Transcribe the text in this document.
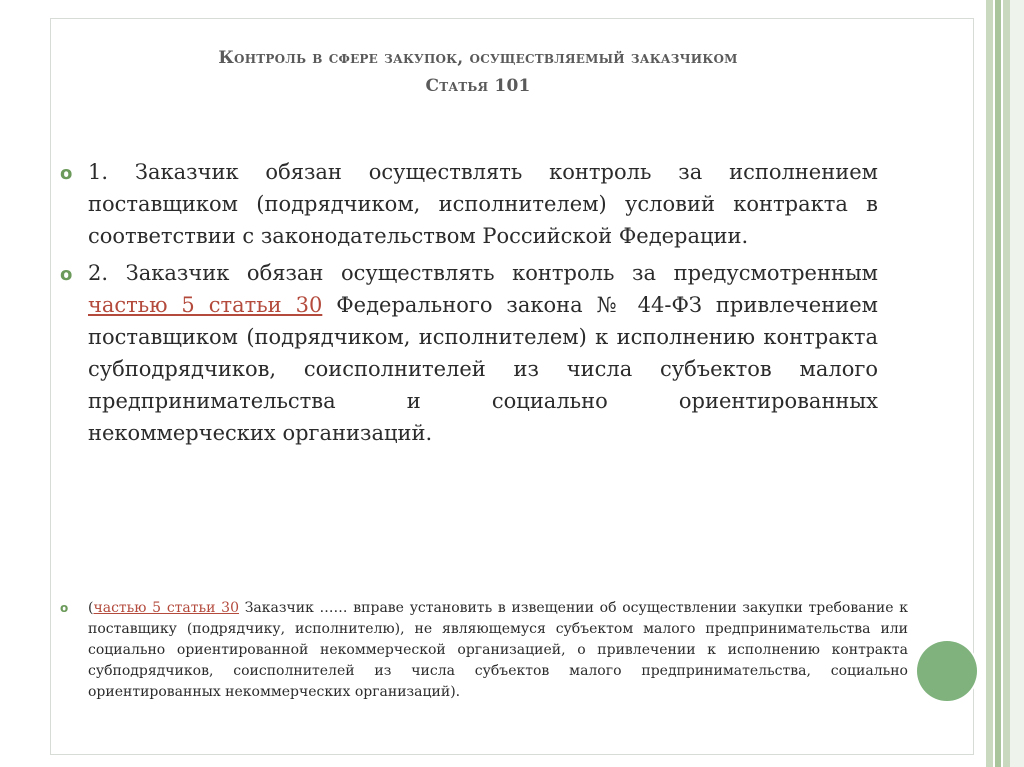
Контроль в сфере закупок, осуществляемый заказчиком
Статья 101
o 1. Заказчик обязан осуществлять контроль за исполнением поставщиком (подрядчиком, исполнителем) условий контракта в соответствии с законодательством Российской Федерации.
o 2. Заказчик обязан осуществлять контроль за предусмотренным частью 5 статьи 30 Федерального закона № 44-ФЗ привлечением поставщиком (подрядчиком, исполнителем) к исполнению контракта субподрядчиков, соисполнителей из числа субъектов малого предпринимательства и социально ориентированных некоммерческих организаций.
o (частью 5 статьи 30 Заказчик …… вправе установить в извещении об осуществлении закупки требование к поставщику (подрядчику, исполнителю), не являющемуся субъектом малого предпринимательства или социально ориентированной некоммерческой организацией, о привлечении к исполнению контракта субподрядчиков, соисполнителей из числа субъектов малого предпринимательства, социально ориентированных некоммерческих организаций).
